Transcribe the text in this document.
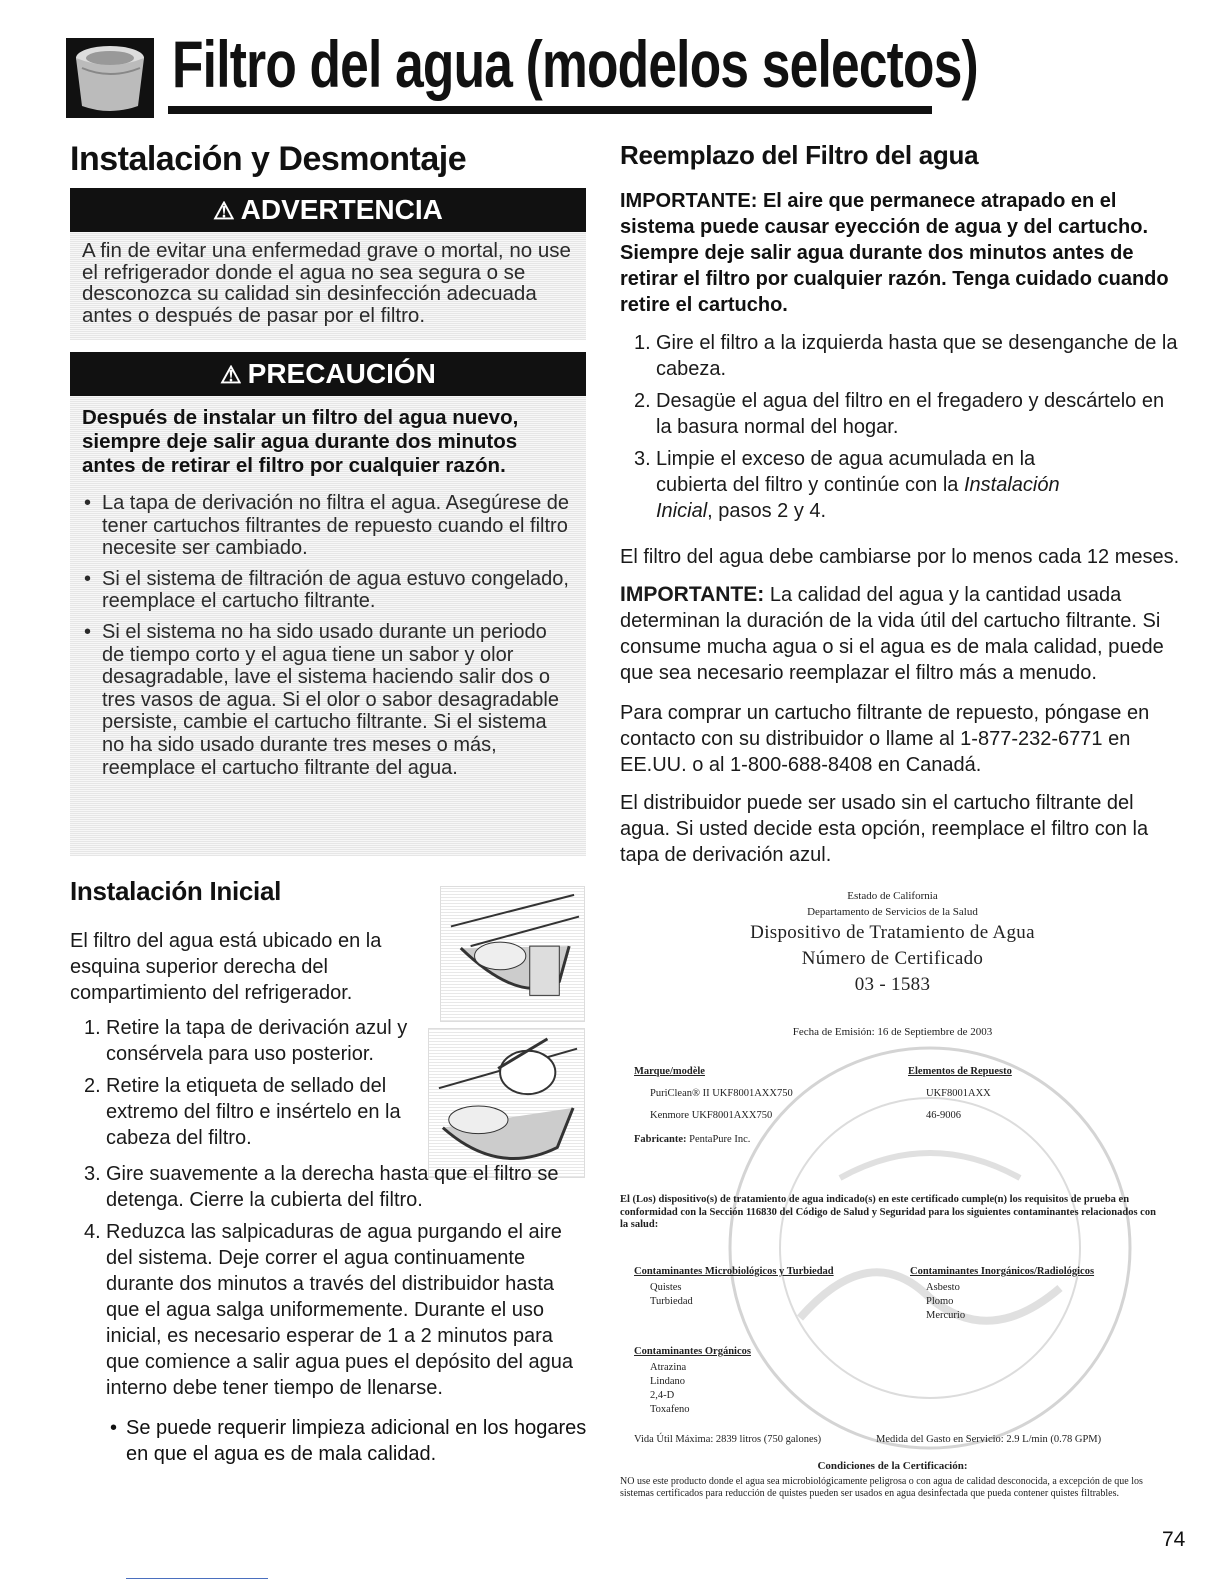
Filtro del agua (modelos selectos)
Instalación y Desmontaje
⚠ ADVERTENCIA
A fin de evitar una enfermedad grave o mortal, no use el refrigerador donde el agua no sea segura o se desconozca su calidad sin desinfección adecuada antes o después de pasar por el filtro.
⚠ PRECAUCIÓN
Después de instalar un filtro del agua nuevo, siempre deje salir agua durante dos minutos antes de retirar el filtro por cualquier razón.
• La tapa de derivación no filtra el agua. Asegúrese de tener cartuchos filtrantes de repuesto cuando el filtro necesite ser cambiado.
• Si el sistema de filtración de agua estuvo congelado, reemplace el cartucho filtrante.
• Si el sistema no ha sido usado durante un periodo de tiempo corto y el agua tiene un sabor y olor desagradable, lave el sistema haciendo salir dos o tres vasos de agua. Si el olor o sabor desagradable persiste, cambie el cartucho filtrante. Si el sistema no ha sido usado durante tres meses o más, reemplace el cartucho filtrante del agua.
Instalación Inicial
El filtro del agua está ubicado en la esquina superior derecha del compartimiento del refrigerador.
1. Retire la tapa de derivación azul y consérvela para uso posterior.
2. Retire la etiqueta de sellado del extremo del filtro e insértelo en la cabeza del filtro.
3. Gire suavemente a la derecha hasta que el filtro se detenga. Cierre la cubierta del filtro.
4. Reduzca las salpicaduras de agua purgando el aire del sistema. Deje correr el agua continuamente durante dos minutos a través del distribuidor hasta que el agua salga uniformemente. Durante el uso inicial, es necesario esperar de 1 a 2 minutos para que comience a salir agua pues el depósito del agua interno debe tener tiempo de llenarse.
• Se puede requerir limpieza adicional en los hogares en que el agua es de mala calidad.
Reemplazo del Filtro del agua
IMPORTANTE: El aire que permanece atrapado en el sistema puede causar eyección de agua y del cartucho. Siempre deje salir agua durante dos minutos antes de retirar el filtro por cualquier razón. Tenga cuidado cuando retire el cartucho.
1. Gire el filtro a la izquierda hasta que se desenganche de la cabeza.
2. Desagüe el agua del filtro en el fregadero y descártelo en la basura normal del hogar.
3. Limpie el exceso de agua acumulada en la cubierta del filtro y continúe con la Instalación Inicial, pasos 2 y 4.
El filtro del agua debe cambiarse por lo menos cada 12 meses.
IMPORTANTE: La calidad del agua y la cantidad usada determinan la duración de la vida útil del cartucho filtrante. Si consume mucha agua o si el agua es de mala calidad, puede que sea necesario reemplazar el filtro más a menudo.
Para comprar un cartucho filtrante de repuesto, póngase en contacto con su distribuidor o llame al 1-877-232-6771 en EE.UU. o al 1-800-688-8408 en Canadá.
El distribuidor puede ser usado sin el cartucho filtrante del agua. Si usted decide esta opción, reemplace el filtro con la tapa de derivación azul.
Estado de California
Departamento de Servicios de la Salud
Dispositivo de Tratamiento de Agua
Número de Certificado
03 - 1583
Fecha de Emisión: 16 de Septiembre de 2003
Marque/modèle	Elementos de Repuesto
PuriClean® II UKF8001AXX750
Kenmore UKF8001AXX750
UKF8001AXX
46-9006
Fabricante: PentaPure Inc.
El (Los) dispositivo(s) de tratamiento de agua indicado(s) en este certificado cumple(n) los requisitos de prueba en conformidad con la Sección 116830 del Código de Salud y Seguridad para los siguientes contaminantes relacionados con la salud:
Contaminantes Microbiológicos y Turbiedad
Quistes
Turbiedad
Contaminantes Inorgánicos/Radiológicos
Asbesto
Plomo
Mercurio
Contaminantes Orgánicos
Atrazina
Lindano
2,4-D
Toxafeno
Vida Útil Máxima: 2839 litros (750 galones)	Medida del Gasto en Servicio: 2.9 L/min (0.78 GPM)
Condiciones de la Certificación:
NO use este producto donde el agua sea microbiológicamente peligrosa o con agua de calidad desconocida, a excepción de que los sistemas certificados para reducción de quistes pueden ser usados en agua desinfectada que pueda contener quistes filtrables.
74
